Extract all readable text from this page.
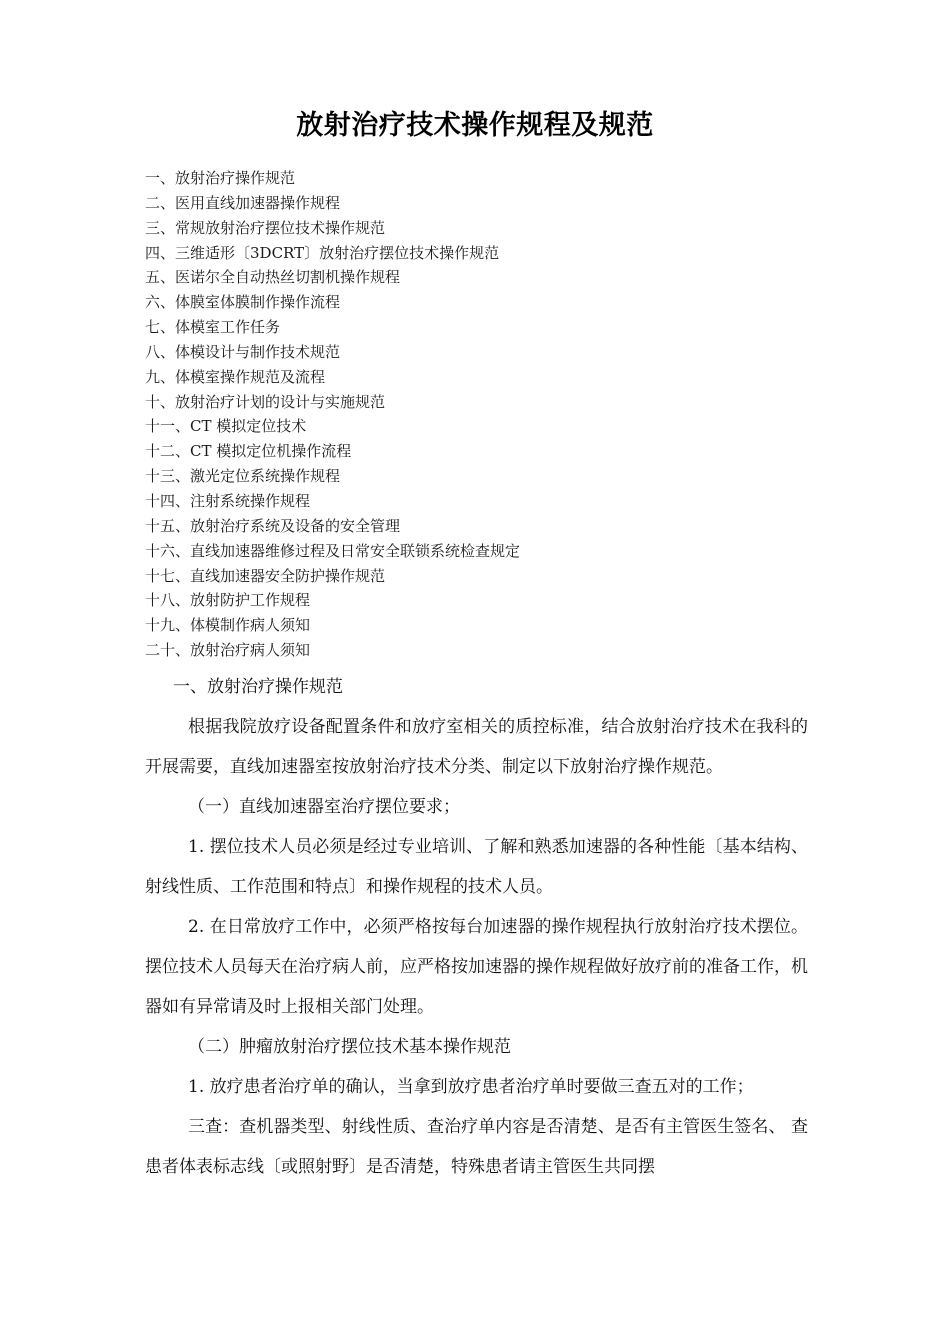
放射治疗技术操作规程及规范
一、放射治疗操作规范
二、医用直线加速器操作规程
三、常规放射治疗摆位技术操作规范
四、三维适形〔3DCRT〕放射治疗摆位技术操作规范
五、医诺尔全自动热丝切割机操作规程
六、体膜室体膜制作操作流程
七、体模室工作任务
八、体模设计与制作技术规范
九、体模室操作规范及流程
十、放射治疗计划的设计与实施规范
十一、CT 模拟定位技术
十二、CT 模拟定位机操作流程
十三、激光定位系统操作规程
十四、注射系统操作规程
十五、放射治疗系统及设备的安全管理
十六、直线加速器维修过程及日常安全联锁系统检查规定
十七、直线加速器安全防护操作规范
十八、放射防护工作规程
十九、体模制作病人须知
二十、放射治疗病人须知

一、放射治疗操作规范

根据我院放疗设备配置条件和放疗室相关的质控标准，结合放射治疗技术在我科的开展需要，直线加速器室按放射治疗技术分类、制定以下放射治疗操作规范。

（一）直线加速器室治疗摆位要求；

1. 摆位技术人员必须是经过专业培训、了解和熟悉加速器的各种性能〔基本结构、射线性质、工作范围和特点〕和操作规程的技术人员。

2. 在日常放疗工作中，必须严格按每台加速器的操作规程执行放射治疗技术摆位。摆位技术人员每天在治疗病人前，应严格按加速器的操作规程做好放疗前的准备工作，机器如有异常请及时上报相关部门处理。

（二）肿瘤放射治疗摆位技术基本操作规范

1. 放疗患者治疗单的确认，当拿到放疗患者治疗单时要做三查五对的工作；

三查：查机器类型、射线性质、查治疗单内容是否清楚、是否有主管医生签名、 查患者体表标志线〔或照射野〕是否清楚，特殊患者请主管医生共同摆
